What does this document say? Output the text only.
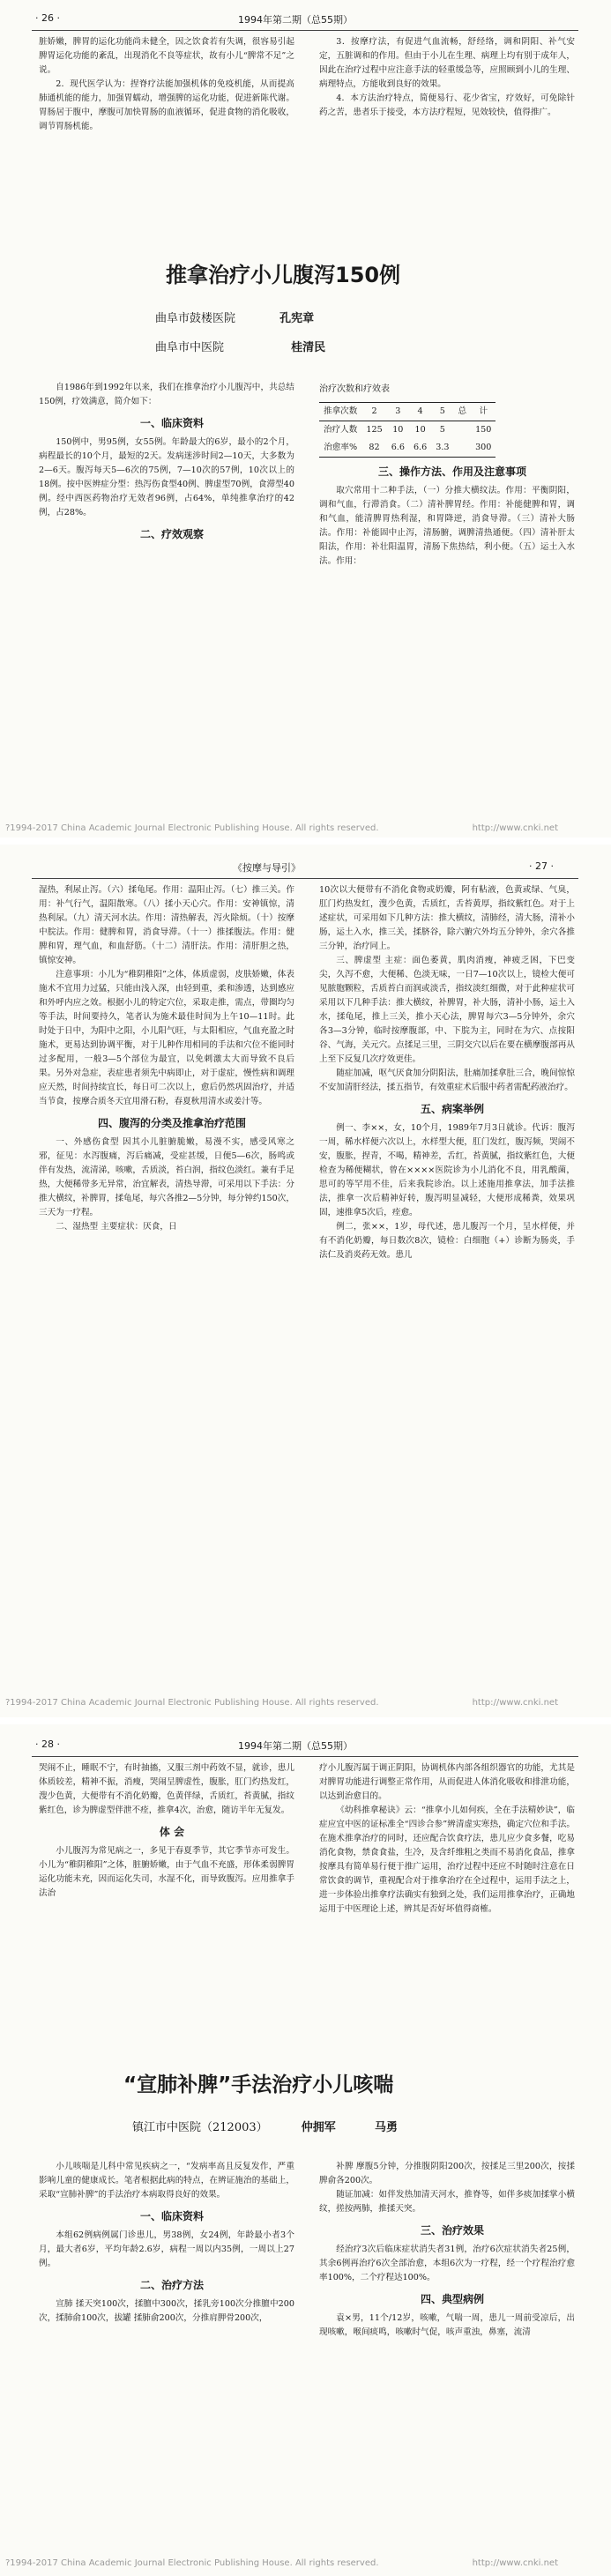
· 26 ·	1994年第二期（总55期）

脏娇嫩，脾胃的运化功能尚未健全，因之饮食若有失调，很容易引起脾胃运化功能的紊乱，出现消化不良等症状，故有小儿“脾常不足”之说。

2．现代医学认为：捏脊疗法能加强机体的免疫机能，从而提高肺通机能的能力，加强胃蠕动，增强脾的运化功能，促进新陈代谢。胃肠居于腹中，摩腹可加快胃肠的血液循环，促进食物的消化吸收，调节胃肠机能。

3．按摩疗法，有促进气血流畅，舒经络，调和阴阳、补气安定，五脏调和的作用。但由于小儿在生理、病理上均有别于成年人，因此在治疗过程中应注意手法的轻重缓急等，应照顾到小儿的生理、病理特点，方能收到良好的效果。

4．本方法治疗特点，简便易行、花少省宝，疗效好，可免除针药之苦，患者乐于接受，本方法疗程短，见效较快，值得推广。

推拿治疗小儿腹泻150例
曲阜市鼓楼医院	孔宪章
曲阜市中医院	桂清民

自1986年到1992年以来，我们在推拿治疗小儿腹泻中，共总结150例，疗效满意，简介如下：

一、临床资料

150例中，男95例，女55例。年龄最大的6岁，最小的2个月，病程最长的10个月，最短的2天。发病迷涉时间2—10天，大多数为2—6天。腹泻每天5—6次的75例，7—10次的57例，10次以上的18例。按中医辨症分型：热泻伤食型40例、脾虚型70例，食滞型40例。经中西医药物治疗无效者96例，占64%，单纯推拿治疗的42例，占28%。

二、疗效观察
治疗次数和疗效表
推拿次数	2	3	4	5	总	计
治疗人数	125	10	10	5		150
治愈率%	82	6.6	6.6	3.3		300
三、操作方法、作用及注意事项

取穴常用十二种手法，（一）分推大横纹法。作用：平衡阴阳，调和气血，行滞消食。（二）清补脾胃经。作用：补能健脾和胃，调和气血，能清脾胃热利湿，和胃降逆，消食导滞。（三）清补大肠法。作用：补能固中止泻，清肠腑，调脾清热通便。（四）清补肝太阳法，作用：补壮阳温胃，清肠下焦热结，利小便。（五）运土入水法。作用：

?1994-2017 China Academic Journal Electronic Publishing House. All rights reserved.	http://www.cnki.net
《按摩与导引》	· 27 ·

湿热，利尿止泻。（六）揉龟尾。作用：温阳止泻。（七）推三关。作用：补气行气，温阳散寒。（八）揉小天心穴。作用：安神镇惊，清热利尿。（九）清天河水法。作用：清热解表，泻火除烦。（十）按摩中脘法。作用：健脾和胃，消食导滞。（十一）推揉腹法。作用：健脾和胃，理气血，和血舒筋。（十二）清肝法。作用：清肝胆之热，镇惊安神。

注意事项：小儿为“稚阴稚阳”之体，体质虚弱，皮肤娇嫩，体表施术不宜用力过猛，只能由浅入深，由轻到重，柔和渗透，达到感应和外呼内应之效。根据小儿的特定穴位，采取走推，需点，带圈均匀等手法，时间要持久，笔者认为施术最佳时间为上午10—11时。此时处于日中，为阳中之阳，小儿阳气旺，与太阳相应，气血充盈之时施术，更易达到协调平衡，对于儿种作用相同的手法和穴位不能同时过多配用，一般3—5个部位为最宜，以免刺激太大而导致不良后果。另外对急症，表症患者须先中病即止，对于虚症，慢性病和调理应天然，时间持续宜长，每日可二次以上，愈后仍然巩固治疗，并适当节食，按摩合质冬天宜用滑石粉，春夏秋用清水或姜汁等。

四、腹泻的分类及推拿治疗范围

一、外感伤食型 因其小儿脏腑脆嫩，易漫不实，感受风寒之邪，征见：水泻腹痛，泻后痛减，受症甚缓，日便5—6次，肠鸣或伴有发热，流清涕，咳嗽，舌质淡，苔白润，指纹色淡红。兼有手足热，大便稀带多无异常，治宜解表，清热导滞，可采用以下手法：分推大横纹，补脾胃，揉龟尾，每穴各推2—5分钟，每分钟约150次，三天为一疗程。

二、湿热型 主要症状：厌食，日

10次以大便带有不消化食物或奶瓣，阿有粘液，色黄或绿、气臭，肛门灼热发红，溲少色黄，舌质红，舌苔黄厚，指纹紫红色。对于上述症状，可采用如下几种方法：推大横纹，清肺经，清大肠，清补小肠，运土入水，推三关，揉脐谷，除六腑穴外均五分钟外，余穴各推三分钟，治疗同上。

三、脾虚型 主症：面色萎黄，肌肉消瘦，神疲乏困，下巴变尖，久泻不愈，大便稀、色淡无味，一日7—10次以上，镜检大便可见脓胞颗粒，舌质苔白而润或淡舌，指纹淡红细微，对于此种症状可采用以下几种手法：推大横纹，补脾胃，补大肠，清补小肠，运土入水，揉龟尾，推上三关，推小天心法，脾胃每穴3—5分钟外，余穴各3—3分钟，临时按摩腹部，中、下脘为主，同时在为穴、点按阳谷、气海，关元穴。点揉足三里，三阴交穴以后在要在横摩腹部再从上至下反复几次疗效更佳。

随症加减，呕气厌食加分阴阳法，肚痛加揉拿肚三合，晚间惊惊不安加清肝经法，揉五指节，有效重症术后服中药者需配药液治疗。

五、病案举例

例一、李××，女，10个月，1989年7月3日就诊。代诉：腹泻一周，稀水样便六次以上，水样型大便，肛门发红，腹泻频，哭闹不安，腹胀，捏青，不喝，精神差，舌红，苔黄腻，指纹紫红色，大便检查为稀便糊状，曾在××××医院诊为小儿消化不良，用乳酸菌，思可的等罕用不佳，后来我院诊治。以上述施用推拿法，加手法推法，推拿一次后精神好转，腹泻明显减轻，大便形成稀粪，效果巩固，速推拿5次后，痊愈。

例二，张××，1岁，母代述，患儿腹泻一个月，呈水样便，并有不消化奶瓣，每日数次8次，镜检：白细胞（+）诊断为肠炎，手法仁及消炎药无效。患儿

?1994-2017 China Academic Journal Electronic Publishing House. All rights reserved.	http://www.cnki.net
· 28 ·	1994年第二期（总55期）

哭闹不止，睡眠不宁，有时抽搐，又服三剂中药效不显，就诊，患儿体质较差，精神不振，消瘦，哭闹呈脾虚性，腹胀，肛门灼热发红，溲少色黄，大便带有不消化奶瓣，色黄伴绿，舌质红，苔黄腻，指纹紫红色，诊为脾虚型伴泄不痊，推拿4次，治愈，随访半年无复发。

体 会

小儿腹泻为常见病之一，多见于春夏季节，其它季节亦可发生。小儿为“稚阴稚阳”之体，脏腑娇嫩，由于气血不充盛，形体柔弱脾胃运化功能未充，因而运化失司，水湿不化，而导致腹泻。应用推拿手法治

疗小儿腹泻属于调正阴阳，协调机体内部各组织器官的功能，尤其是对脾胃功能进行调整正常作用，从而促进人体消化吸收和排泄功能，以达到治愈目的。

《幼科推拿秘诀》云：“推拿小儿如何疾，全在手法精妙诀”，临症应宜中医的证标准全“四诊合参”辨清虚实寒热，确定穴位和手法。在施术推拿治疗的同时，还应配合饮食疗法，患儿应少食多餐，吃易消化食物，禁食食盐，生冷，及含纤维粗之类而不易消化食品，推拿按摩具有简单易行便于推广运用，治疗过程中还应不时随时注意在日常饮食的调节，重视配合对于推拿治疗在全过程中，运用手法之上，进一步体验出推拿疗法确实有独到之处，我们运用推拿治疗，正确地运用于中医理论上述，辨其是否好坏值得商榷。

“宣肺补脾”手法治疗小儿咳喘
镇江市中医院（212003）	仲拥军	马勇

小儿咳喘是儿科中常见疾病之一，“发病率高且反复发作，严重影响儿童的健康成长。笔者根据此病的特点，在辨证施治的基础上，采取“宣肺补脾”的手法治疗本病取得良好的效果。

一、临床资料

本组62例病例属门诊患儿，男38例，女24例，年龄最小者3个月，最大者6岁，平均年龄2.6岁，病程一周以内35例，一周以上27例。

二、治疗方法

宣肺 揉天突100次，揉膻中300次，揉乳旁100次分推膻中200次，揉肺俞100次，拔罐 揉肺俞200次，分推肩胛骨200次，

补脾 摩腹5分钟，分推腹阴阳200次，按揉足三里200次，按揉脾俞各200次。

随证加减：如伴发热加清天河水，推脊等，如伴多痰加揉掌小横纹，搓按两肺，推揉天突。

三、治疗效果

经治疗3次后临床症状消失者31例，治疗6次症状消失者25例，其余6例再治疗6次全部治愈，本组6次为一疗程，经一个疗程治疗愈率100%，二个疗程达100%。

四、典型病例

袁×男，11个/12岁，咳嗽，气喘一周，患儿一周前受凉后，出现咳嗽，喉间痰鸣，咳嗽时气促，咳声重浊，鼻塞，流清

?1994-2017 China Academic Journal Electronic Publishing House. All rights reserved.	http://www.cnki.net
